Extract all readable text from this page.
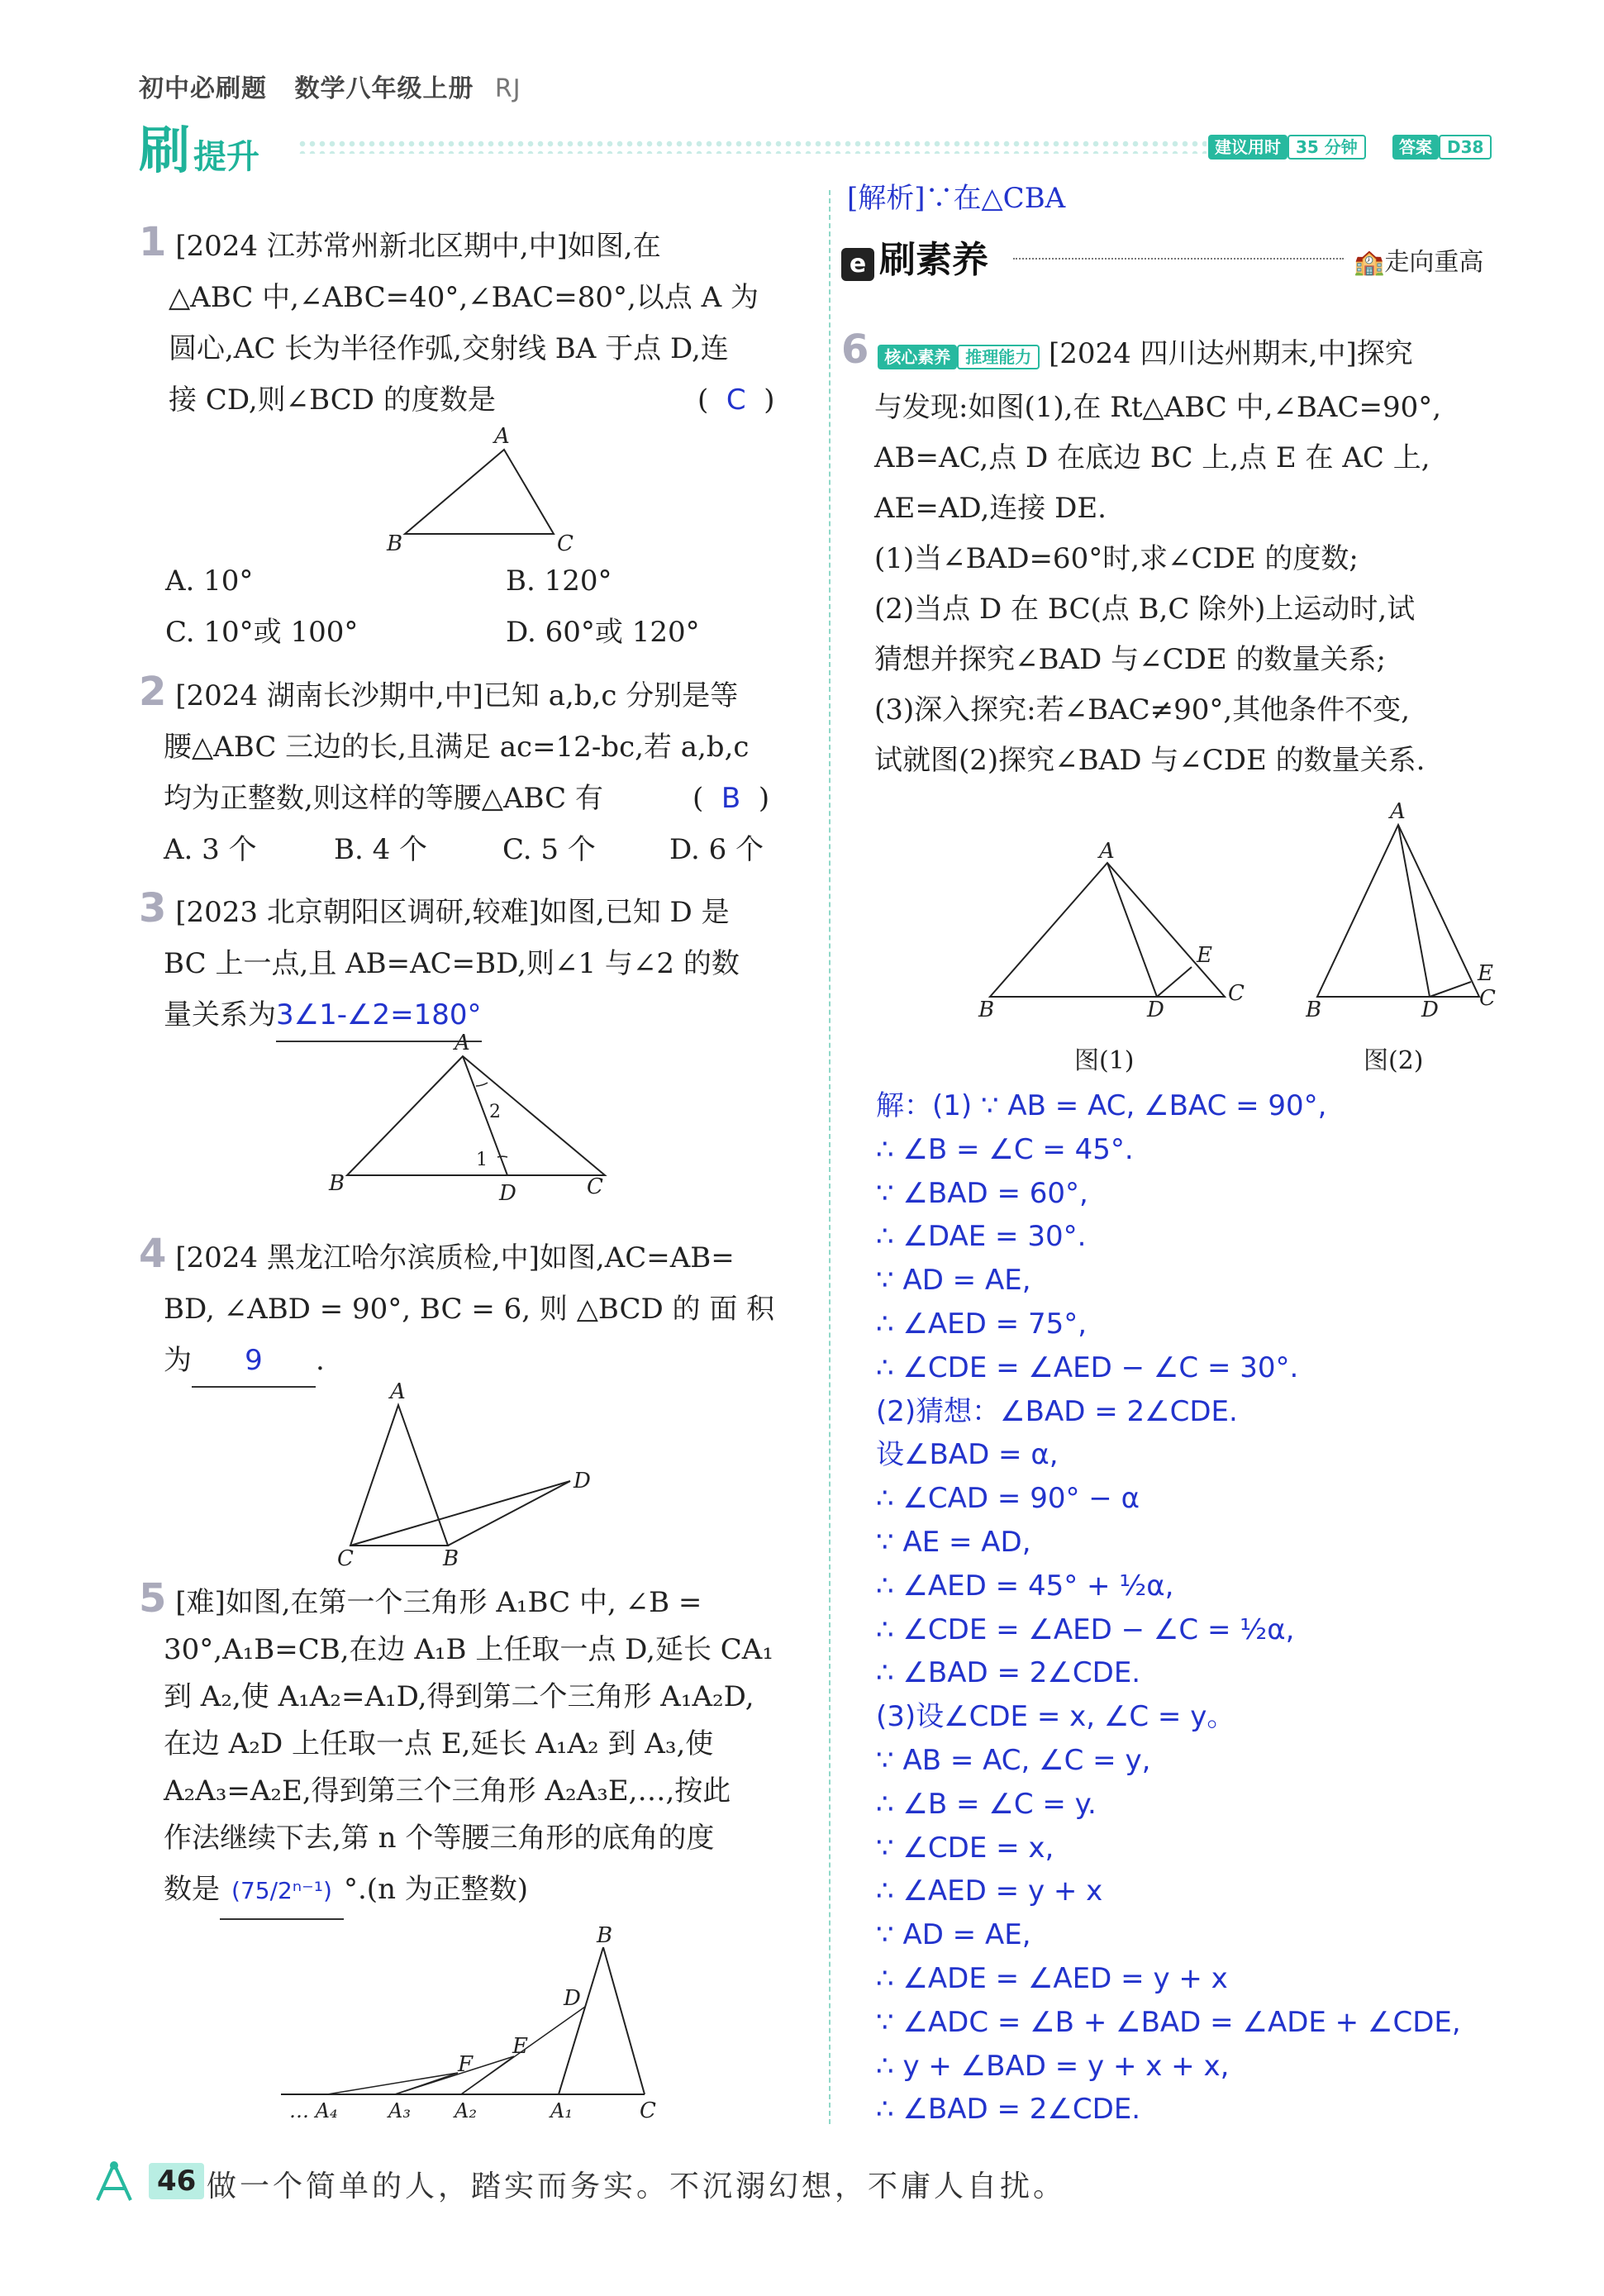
初中必刷题 数学八年级上册 RJ
刷提升	建议用时 35 分钟	答案 D38
1 [2024 江苏常州新北区期中,中]如图,在
△ABC 中,∠ABC=40°,∠BAC=80°,以点 A 为
圆心,AC 长为半径作弧,交射线 BA 于点 D,连
接 CD,则∠BCD 的度数是	(  C  )
A
B	C
A. 10°	B. 120°
C. 10°或 100°	D. 60°或 120°
2 [2024 湖南长沙期中,中]已知 a,b,c 分别是等
腰△ABC 三边的长,且满足 ac=12-bc,若 a,b,c
均为正整数,则这样的等腰△ABC 有	(  B  )
A. 3 个	B. 4 个	C. 5 个	D. 6 个
3 [2023 北京朝阳区调研,较难]如图,已知 D 是
BC 上一点,且 AB=AC=BD,则∠1 与∠2 的数
量关系为3∠1-∠2=180°
A
B	D	C
2
1
4 [2024 黑龙江哈尔滨质检,中]如图,AC=AB=
BD, ∠ABD = 90°, BC = 6, 则 △BCD 的 面 积
为 9 .
A
C	B
D
5 [难]如图,在第一个三角形 A₁BC 中, ∠B =
30°,A₁B=CB,在边 A₁B 上任取一点 D,延长 CA₁
到 A₂,使 A₁A₂=A₁D,得到第二个三角形 A₁A₂D,
在边 A₂D 上任取一点 E,延长 A₁A₂ 到 A₃,使
A₂A₃=A₂E,得到第三个三角形 A₂A₃E,…,按此
作法继续下去,第 n 个等腰三角形的底角的度
数是 (75/2ⁿ⁻¹) °.(n 为正整数)
B
D
E
F
… A₄	A₃ A₂	A₁	C
[解析]∵在△CBA
e 刷素养	🏫走向重高
6 核心素养 推理能力 [2024 四川达州期末,中]探究
与发现:如图(1),在 Rt△ABC 中,∠BAC=90°,
AB=AC,点 D 在底边 BC 上,点 E 在 AC 上,
AE=AD,连接 DE.
(1)当∠BAD=60°时,求∠CDE 的度数;
(2)当点 D 在 BC(点 B,C 除外)上运动时,试
猜想并探究∠BAD 与∠CDE 的数量关系;
(3)深入探究:若∠BAC≠90°,其他条件不变,
试就图(2)探究∠BAD 与∠CDE 的数量关系.
A
B	D
E
C
图(1)
A
B	D
E
C
图(2)
解：(1) ∵ AB = AC, ∠BAC = 90°,
∴ ∠B = ∠C = 45°.
∵ ∠BAD = 60°,
∴ ∠DAE = 30°.
∵ AD = AE,
∴ ∠AED = 75°,
∴ ∠CDE = ∠AED − ∠C = 30°.
(2)猜想：∠BAD = 2∠CDE.
设∠BAD = α,
∴ ∠CAD = 90° − α
∵ AE = AD,
∴ ∠AED = 45° + ½α,
∴ ∠CDE = ∠AED − ∠C = ½α,
∴ ∠BAD = 2∠CDE.
(3)设∠CDE = x, ∠C = y。
∵ AB = AC, ∠C = y,
∴ ∠B = ∠C = y.
∵ ∠CDE = x,
∴ ∠AED = y + x
∵ AD = AE,
∴ ∠ADE = ∠AED = y + x
∵ ∠ADC = ∠B + ∠BAD = ∠ADE + ∠CDE,
∴ y + ∠BAD = y + x + x,
∴ ∠BAD = 2∠CDE.
46 做一个简单的人，踏实而务实。不沉溺幻想，不庸人自扰。
